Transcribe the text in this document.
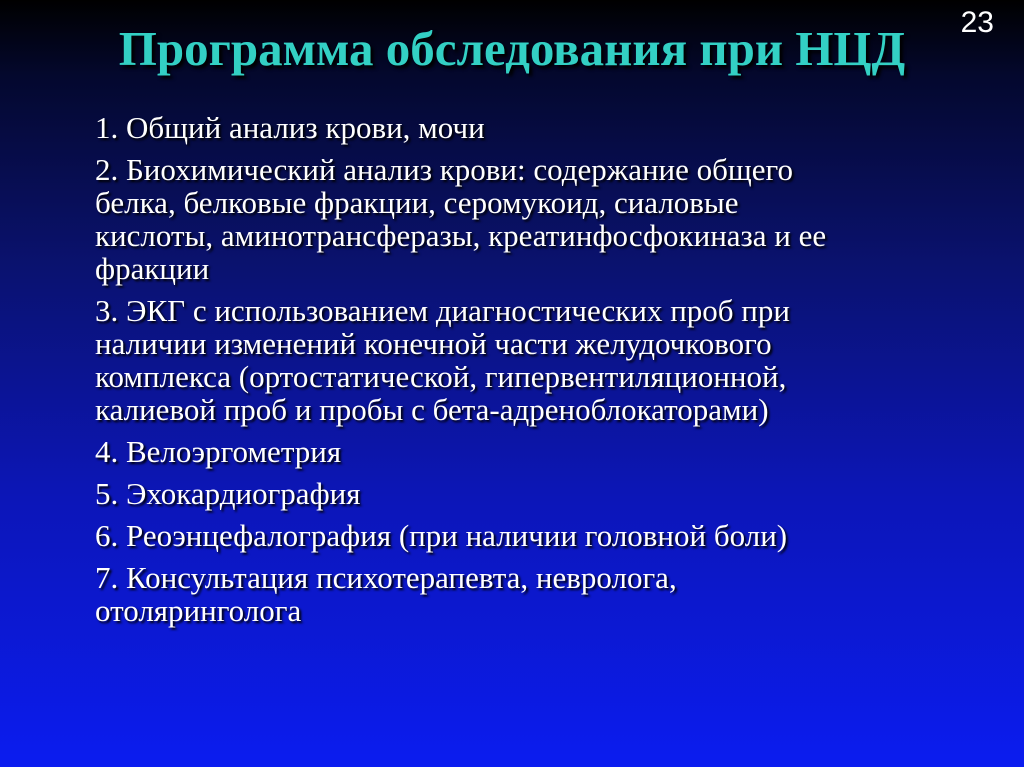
23
Программа обследования при НЦД
1. Общий анализ крови, мочи
2. Биохимический анализ крови: содержание общего
белка, белковые фракции, серомукоид, сиаловые
кислоты, аминотрансферазы, креатинфосфокиназа и ее
фракции
3. ЭКГ с использованием диагностических проб при
наличии изменений конечной части желудочкового
комплекса (ортостатической, гипервентиляционной,
калиевой проб и пробы с бета-адреноблокаторами)
4. Велоэргометрия
5. Эхокардиография
6. Реоэнцефалография (при наличии головной боли)
7. Консультация психотерапевта, невролога,
отоляринголога
